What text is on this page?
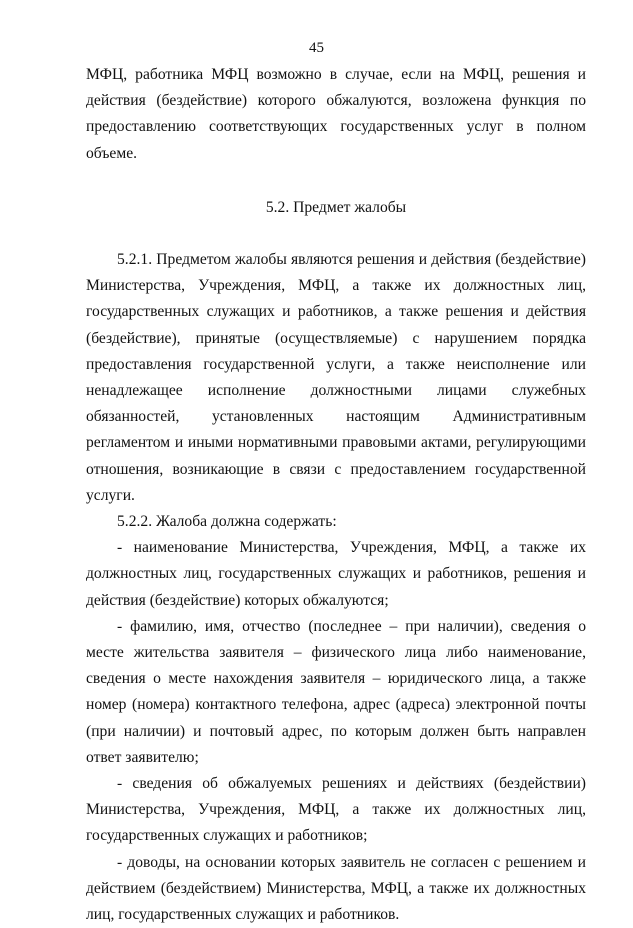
45

МФЦ, работника МФЦ возможно в случае, если на МФЦ, решения и действия (бездействие) которого обжалуются, возложена функция по предоставлению соответствующих государственных услуг в полном объеме.

5.2. Предмет жалобы

5.2.1. Предметом жалобы являются решения и действия (бездействие) Министерства, Учреждения, МФЦ, а также их должностных лиц, государственных служащих и работников, а также решения и действия (бездействие), принятые (осуществляемые) с нарушением порядка предоставления государственной услуги, а также неисполнение или ненадлежащее исполнение должностными лицами служебных обязанностей, установленных настоящим Административным регламентом и иными нормативными правовыми актами, регулирующими отношения, возникающие в связи с предоставлением государственной услуги.

5.2.2. Жалоба должна содержать:

- наименование Министерства, Учреждения, МФЦ, а также их должностных лиц, государственных служащих и работников, решения и действия (бездействие) которых обжалуются;

- фамилию, имя, отчество (последнее – при наличии), сведения о месте жительства заявителя – физического лица либо наименование, сведения о месте нахождения заявителя – юридического лица, а также номер (номера) контактного телефона, адрес (адреса) электронной почты (при наличии) и почтовый адрес, по которым должен быть направлен ответ заявителю;

- сведения об обжалуемых решениях и действиях (бездействии) Министерства, Учреждения, МФЦ, а также их должностных лиц, государственных служащих и работников;

- доводы, на основании которых заявитель не согласен с решением и действием (бездействием) Министерства, МФЦ, а также их должностных лиц, государственных служащих и работников.
